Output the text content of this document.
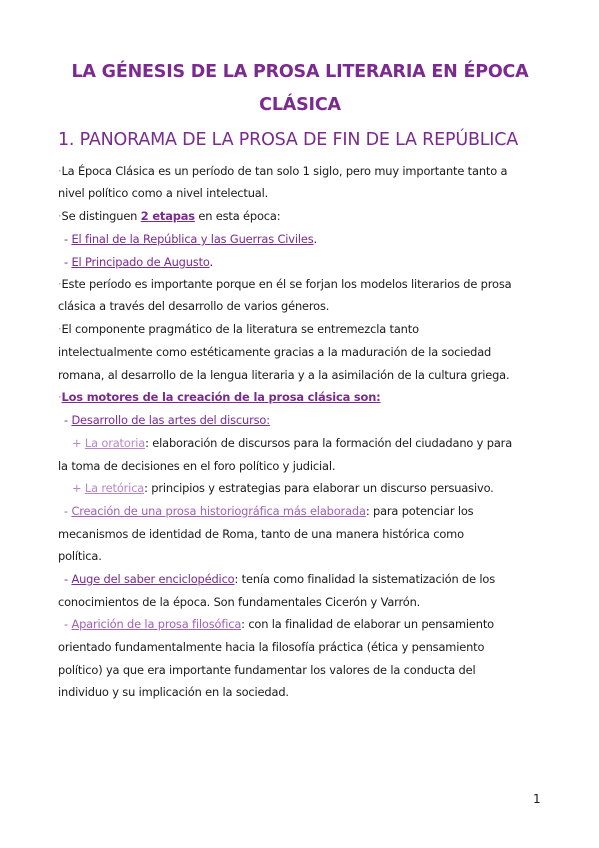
LA GÉNESIS DE LA PROSA LITERARIA EN ÉPOCA
CLÁSICA
1. PANORAMA DE LA PROSA DE FIN DE LA REPÚBLICA
·La Época Clásica es un período de tan solo 1 siglo, pero muy importante tanto a
nivel político como a nivel intelectual.
·Se distinguen 2 etapas en esta época:
- El final de la República y las Guerras Civiles.
- El Principado de Augusto.
·Este período es importante porque en él se forjan los modelos literarios de prosa
clásica a través del desarrollo de varios géneros.
·El componente pragmático de la literatura se entremezcla tanto
intelectualmente como estéticamente gracias a la maduración de la sociedad
romana, al desarrollo de la lengua literaria y a la asimilación de la cultura griega.
·Los motores de la creación de la prosa clásica son:
- Desarrollo de las artes del discurso:
+ La oratoria: elaboración de discursos para la formación del ciudadano y para
la toma de decisiones en el foro político y judicial.
+ La retórica: principios y estrategias para elaborar un discurso persuasivo.
- Creación de una prosa historiográfica más elaborada: para potenciar los
mecanismos de identidad de Roma, tanto de una manera histórica como
política.
- Auge del saber enciclopédico: tenía como finalidad la sistematización de los
conocimientos de la época. Son fundamentales Cicerón y Varrón.
- Aparición de la prosa filosófica: con la finalidad de elaborar un pensamiento
orientado fundamentalmente hacia la filosofía práctica (ética y pensamiento
político) ya que era importante fundamentar los valores de la conducta del
individuo y su implicación en la sociedad.
1
